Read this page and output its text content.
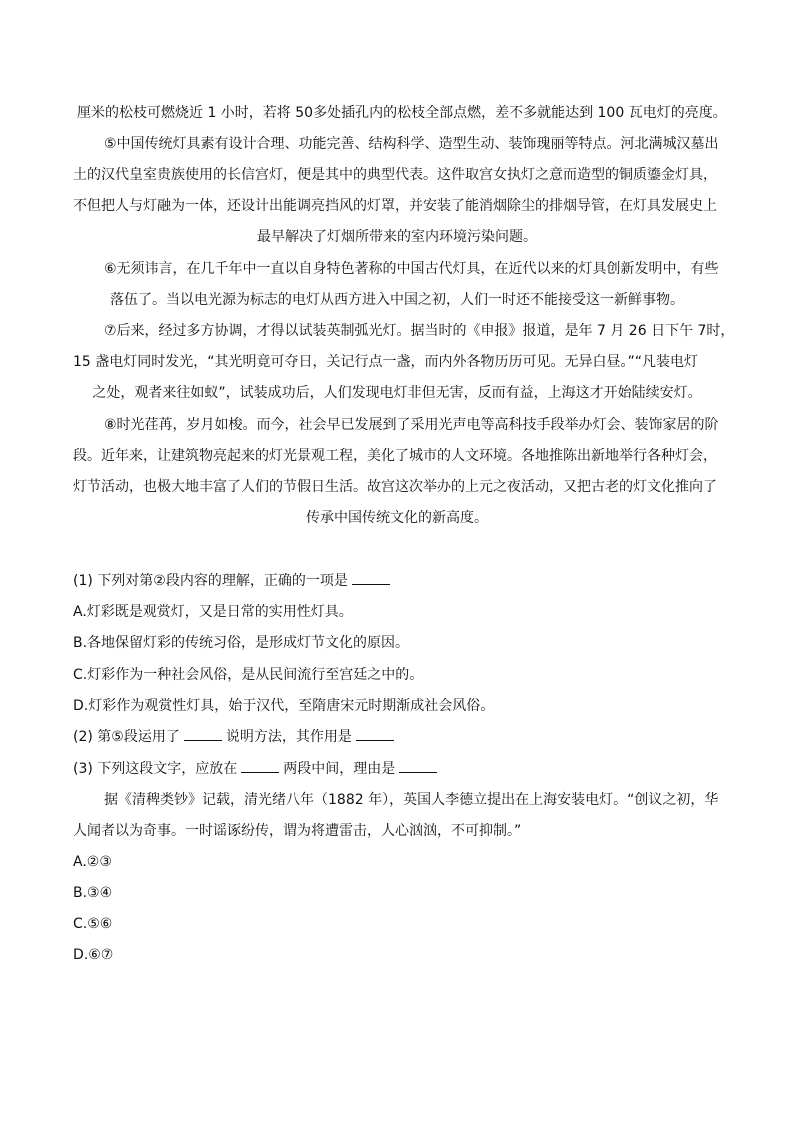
厘米的松枝可燃烧近 1 小时，若将 50多处插孔内的松枝全部点燃，差不多就能达到 100 瓦电灯的亮度。
⑤中国传统灯具素有设计合理、功能完善、结构科学、造型生动、装饰瑰丽等特点。河北满城汉墓出
土的汉代皇室贵族使用的长信宫灯，便是其中的典型代表。这件取宫女执灯之意而造型的铜质鎏金灯具，
不但把人与灯融为一体，还设计出能调亮挡风的灯罩，并安装了能消烟除尘的排烟导管，在灯具发展史上
最早解决了灯烟所带来的室内环境污染问题。
⑥无须讳言，在几千年中一直以自身特色著称的中国古代灯具，在近代以来的灯具创新发明中，有些
落伍了。当以电光源为标志的电灯从西方进入中国之初，人们一时还不能接受这一新鲜事物。
⑦后来，经过多方协调，才得以试装英制弧光灯。据当时的《申报》报道，是年 7 月 26 日下午 7时，
15 盏电灯同时发光，“其光明竟可夺日，关记行点一盏，而内外各物历历可见。无异白昼。”“凡装电灯
之处，观者来往如蚁”，试装成功后，人们发现电灯非但无害，反而有益，上海这才开始陆续安灯。
⑧时光荏苒，岁月如梭。而今，社会早已发展到了采用光声电等高科技手段举办灯会、装饰家居的阶
段。近年来，让建筑物亮起来的灯光景观工程，美化了城市的人文环境。各地推陈出新地举行各种灯会，
灯节活动，也极大地丰富了人们的节假日生活。故宫这次举办的上元之夜活动，又把古老的灯文化推向了
传承中国传统文化的新高度。
(1) 下列对第②段内容的理解，正确的一项是
A.灯彩既是观赏灯，又是日常的实用性灯具。
B.各地保留灯彩的传统习俗，是形成灯节文化的原因。
C.灯彩作为一种社会风俗，是从民间流行至宫廷之中的。
D.灯彩作为观赏性灯具，始于汉代，至隋唐宋元时期渐成社会风俗。
(2) 第⑤段运用了	说明方法，其作用是
(3) 下列这段文字，应放在	两段中间，理由是
据《清稗类钞》记载，清光绪八年（1882 年），英国人李德立提出在上海安装电灯。“创议之初，华
人闻者以为奇事。一时谣诼纷传，谓为将遭雷击，人心汹汹，不可抑制。”
A.②③
B.③④
C.⑤⑥
D.⑥⑦
